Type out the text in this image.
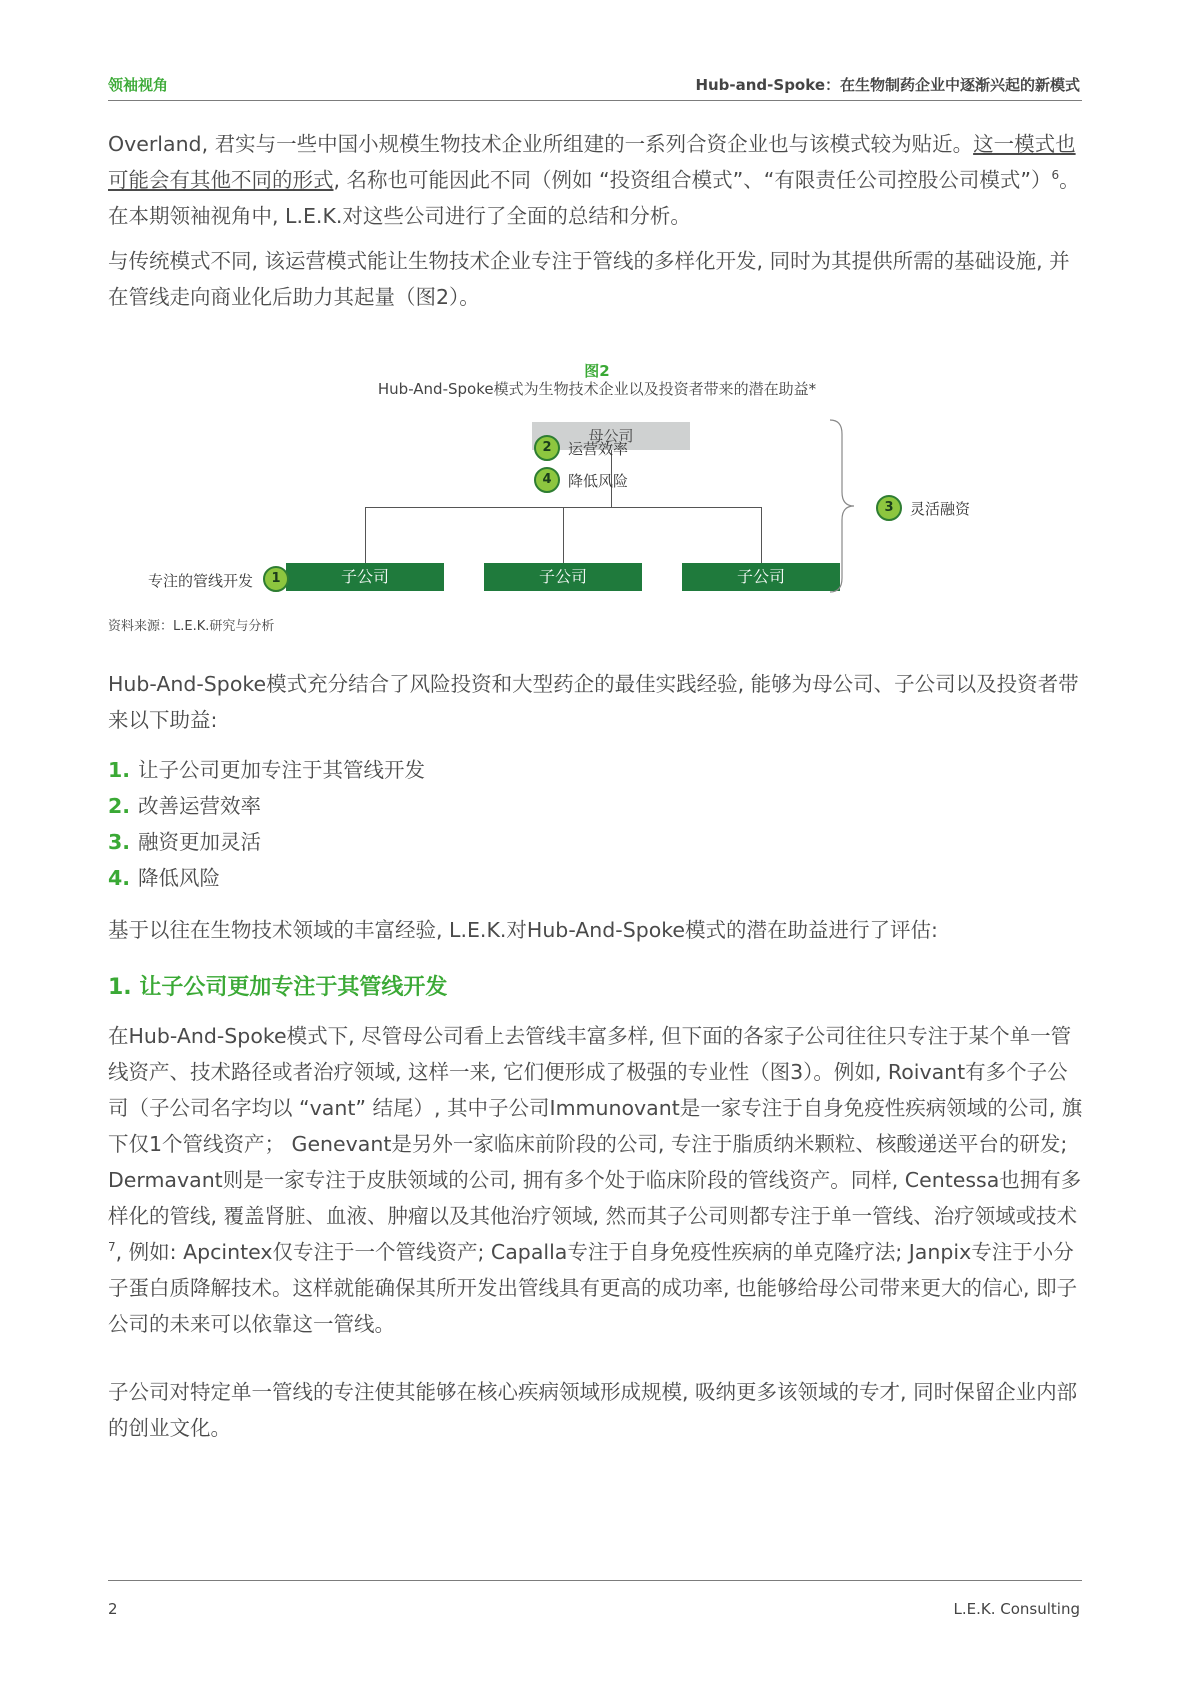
领袖视角	Hub-and-Spoke：在生物制药企业中逐渐兴起的新模式
Overland, 君实与一些中国小规模生物技术企业所组建的一系列合资企业也与该模式较为贴近。这一模式也可能会有其他不同的形式, 名称也可能因此不同（例如 “投资组合模式”、“有限责任公司控股公司模式”）$^6$。在本期领袖视角中, L.E.K.对这些公司进行了全面的总结和分析。
与传统模式不同, 该运营模式能让生物技术企业专注于管线的多样化开发, 同时为其提供所需的基础设施, 并在管线走向商业化后助力其起量（图2）。
图2
Hub-And-Spoke模式为生物技术企业以及投资者带来的潜在助益*
母公司
2	运营效率
4	降低风险
子公司	子公司	子公司
专注的管线开发	1
3	灵活融资
资料来源：L.E.K.研究与分析
Hub-And-Spoke模式充分结合了风险投资和大型药企的最佳实践经验, 能够为母公司、子公司以及投资者带来以下助益:
1. 让子公司更加专注于其管线开发
2. 改善运营效率
3. 融资更加灵活
4. 降低风险
基于以往在生物技术领域的丰富经验, L.E.K.对Hub-And-Spoke模式的潜在助益进行了评估:
1. 让子公司更加专注于其管线开发
在Hub-And-Spoke模式下, 尽管母公司看上去管线丰富多样, 但下面的各家子公司往往只专注于某个单一管线资产、技术路径或者治疗领域, 这样一来, 它们便形成了极强的专业性（图3）。例如, Roivant有多个子公司（子公司名字均以 “vant” 结尾）, 其中子公司Immunovant是一家专注于自身免疫性疾病领域的公司, 旗下仅1个管线资产； Genevant是另外一家临床前阶段的公司, 专注于脂质纳米颗粒、核酸递送平台的研发; Dermavant则是一家专注于皮肤领域的公司, 拥有多个处于临床阶段的管线资产。同样, Centessa也拥有多样化的管线, 覆盖肾脏、血液、肿瘤以及其他治疗领域, 然而其子公司则都专注于单一管线、治疗领域或技术$^7$, 例如: Apcintex仅专注于一个管线资产; Capalla专注于自身免疫性疾病的单克隆疗法; Janpix专注于小分子蛋白质降解技术。这样就能确保其所开发出管线具有更高的成功率, 也能够给母公司带来更大的信心, 即子公司的未来可以依靠这一管线。
子公司对特定单一管线的专注使其能够在核心疾病领域形成规模, 吸纳更多该领域的专才, 同时保留企业内部的创业文化。
2	L.E.K. Consulting
